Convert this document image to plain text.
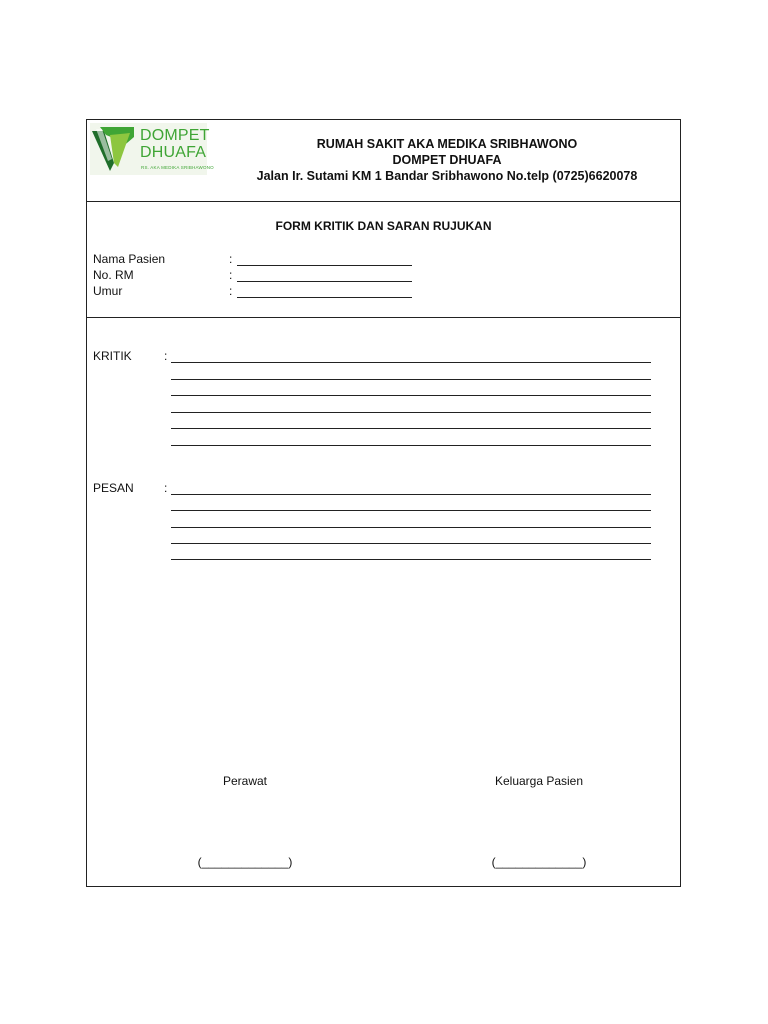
DOMPET
DHUAFA
RS. AKA MEDIKA SRIBHAWONO
RUMAH SAKIT AKA MEDIKA SRIBHAWONO
DOMPET DHUAFA
Jalan Ir. Sutami KM 1 Bandar Sribhawono No.telp (0725)6620078
FORM KRITIK DAN SARAN RUJUKAN
Nama Pasien	:
No. RM	:
Umur	:
KRITIK	:
PESAN	:
Perawat	Keluarga Pasien
(_____________)	(_____________)
